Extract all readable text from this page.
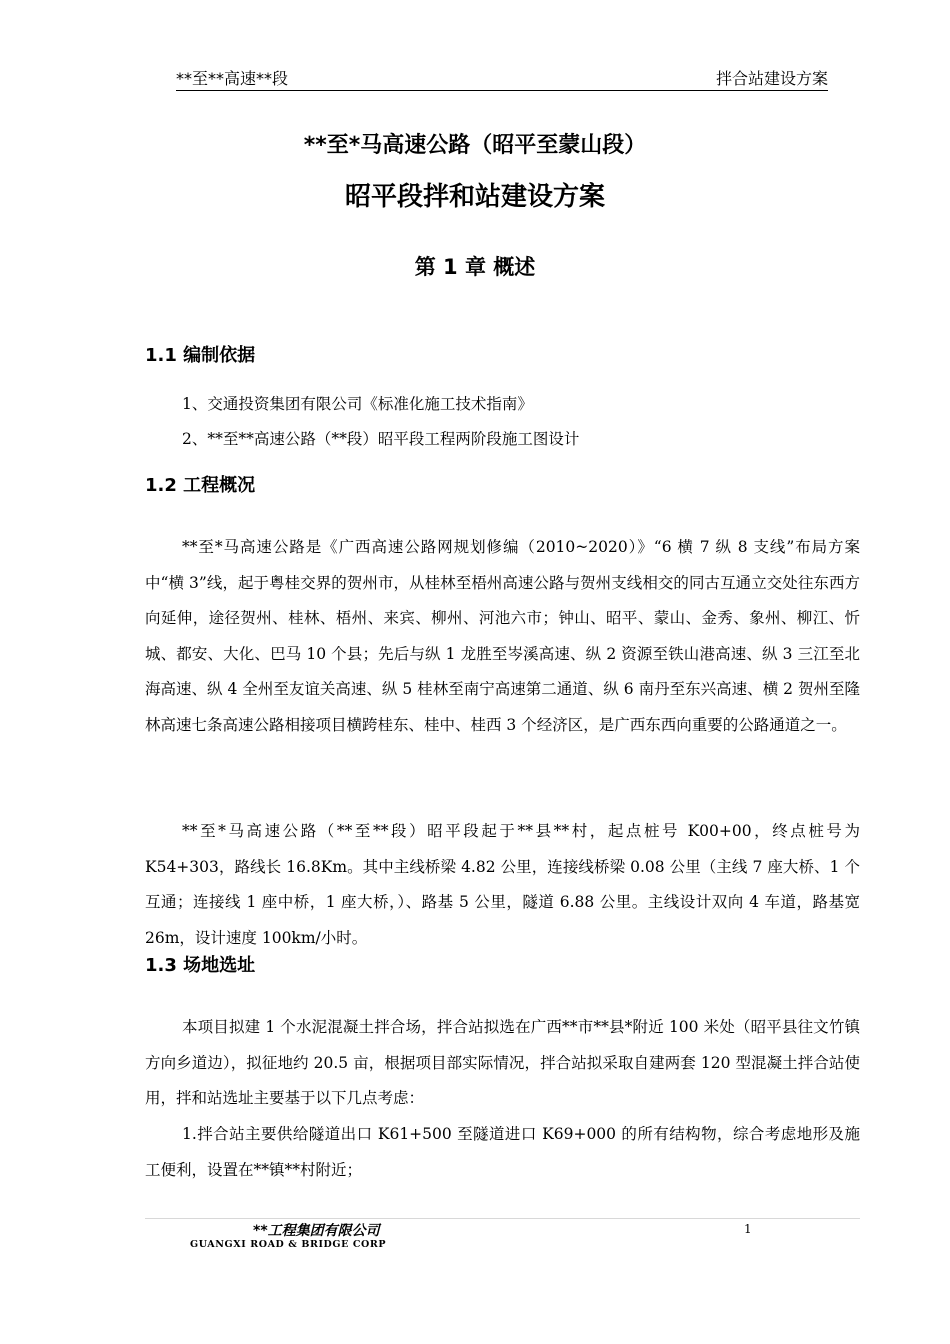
**至**高速**段	拌合站建设方案
**至*马高速公路（昭平至蒙山段）
昭平段拌和站建设方案
第 1 章 概述
1.1 编制依据
1、交通投资集团有限公司《标准化施工技术指南》
2、**至**高速公路（**段）昭平段工程两阶段施工图设计
1.2 工程概况
**至*马高速公路是《广西高速公路网规划修编（2010~2020）》“6 横 7 纵 8 支线”布局方案中“横 3”线，起于粤桂交界的贺州市，从桂林至梧州高速公路与贺州支线相交的同古互通立交处往东西方向延伸，途径贺州、桂林、梧州、来宾、柳州、河池六市；钟山、昭平、蒙山、金秀、象州、柳江、忻城、都安、大化、巴马 10 个县；先后与纵 1 龙胜至岑溪高速、纵 2 资源至铁山港高速、纵 3 三江至北海高速、纵 4 全州至友谊关高速、纵 5 桂林至南宁高速第二通道、纵 6 南丹至东兴高速、横 2 贺州至隆林高速七条高速公路相接项目横跨桂东、桂中、桂西 3 个经济区，是广西东西向重要的公路通道之一。
**至*马高速公路（**至**段）昭平段起于**县**村，起点桩号 K00+00，终点桩号为 K54+303，路线长 16.8Km。其中主线桥梁 4.82 公里，连接线桥梁 0.08 公里（主线 7 座大桥、1 个互通；连接线 1 座中桥，1 座大桥，）、路基 5 公里，隧道 6.88 公里。主线设计双向 4 车道，路基宽 26m，设计速度 100km/小时。
1.3 场地选址
本项目拟建 1 个水泥混凝土拌合场，拌合站拟选在广西**市**县*附近 100 米处（昭平县往文竹镇方向乡道边），拟征地约 20.5 亩，根据项目部实际情况，拌合站拟采取自建两套 120 型混凝土拌合站使用，拌和站选址主要基于以下几点考虑：
1.拌合站主要供给隧道出口 K61+500 至隧道进口 K69+000 的所有结构物，综合考虑地形及施工便利，设置在**镇**村附近；
**工程集团有限公司
GUANGXI ROAD & BRIDGE CORP
1
